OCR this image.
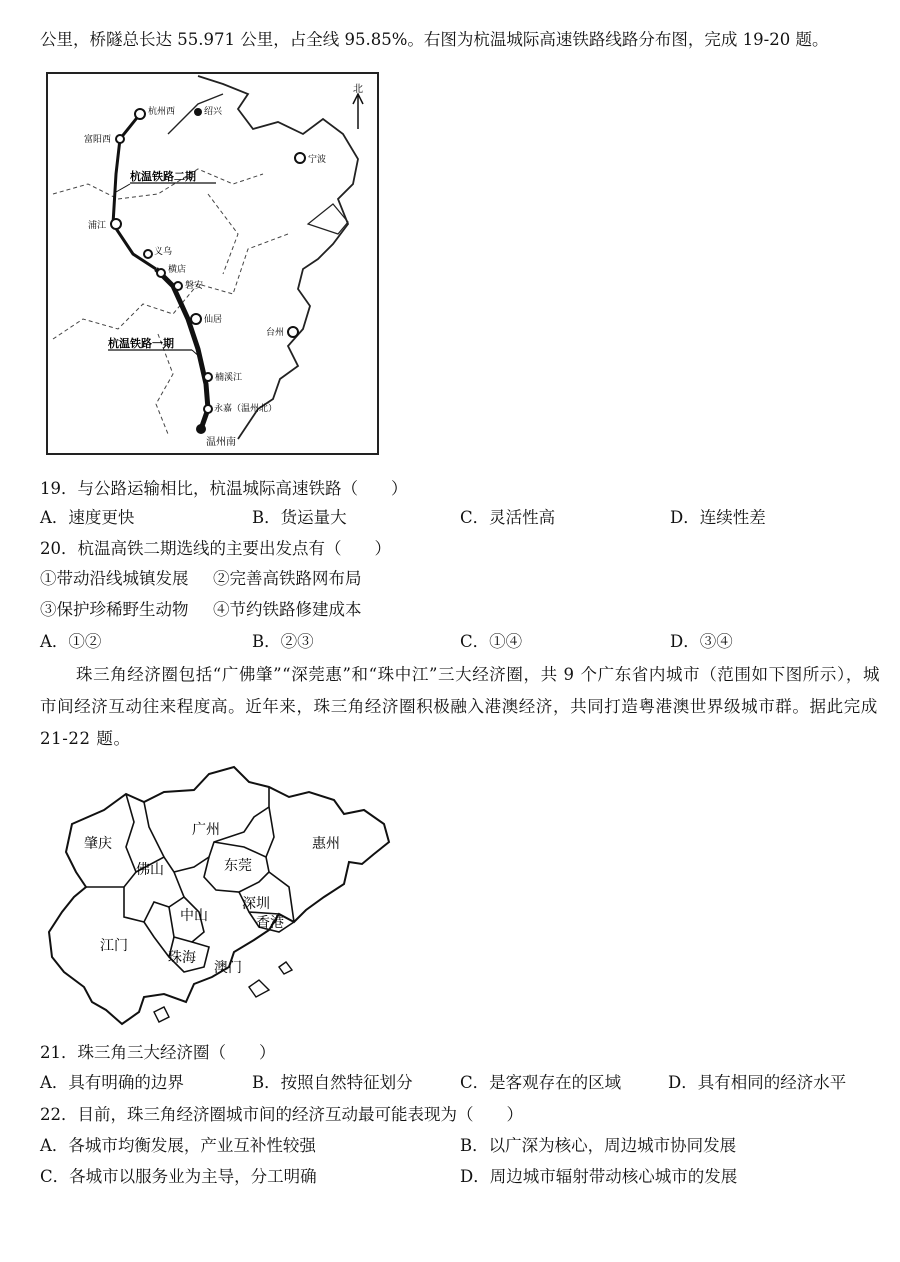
公里，桥隧总长达 55.971 公里，占全线 95.85%。右图为杭温城际高速铁路线路分布图，完成 19-20 题。
北
杭州西
富阳西
绍兴
宁波
浦江
义乌
横店
磐安
仙居
台州
楠溪江
永嘉（温州北）
温州南
杭温铁路二期
杭温铁路一期
19．与公路运输相比，杭温城际高速铁路（　　）
A．速度更快	B．货运量大	C．灵活性高	D．连续性差
20．杭温高铁二期选线的主要出发点有（　　）
①带动沿线城镇发展 ②完善高铁路网布局
③保护珍稀野生动物 ④节约铁路修建成本
A．①②	B．②③	C．①④	D．③④
珠三角经济圈包括“广佛肇”“深莞惠”和“珠中江”三大经济圈，共 9 个广东省内城市（范围如下图所示），城市间经济互动往来程度高。近年来，珠三角经济圈积极融入港澳经济，共同打造粤港澳世界级城市群。据此完成 21-22 题。
肇庆
广州
惠州
佛山	东莞
深圳
中山	香港
江门
珠海
澳门
21．珠三角三大经济圈（　　）
A．具有明确的边界	B．按照自然特征划分	C．是客观存在的区域	D．具有相同的经济水平
22．目前，珠三角经济圈城市间的经济互动最可能表现为（　　）
A．各城市均衡发展，产业互补性较强	B．以广深为核心，周边城市协同发展
C．各城市以服务业为主导，分工明确	D．周边城市辐射带动核心城市的发展
